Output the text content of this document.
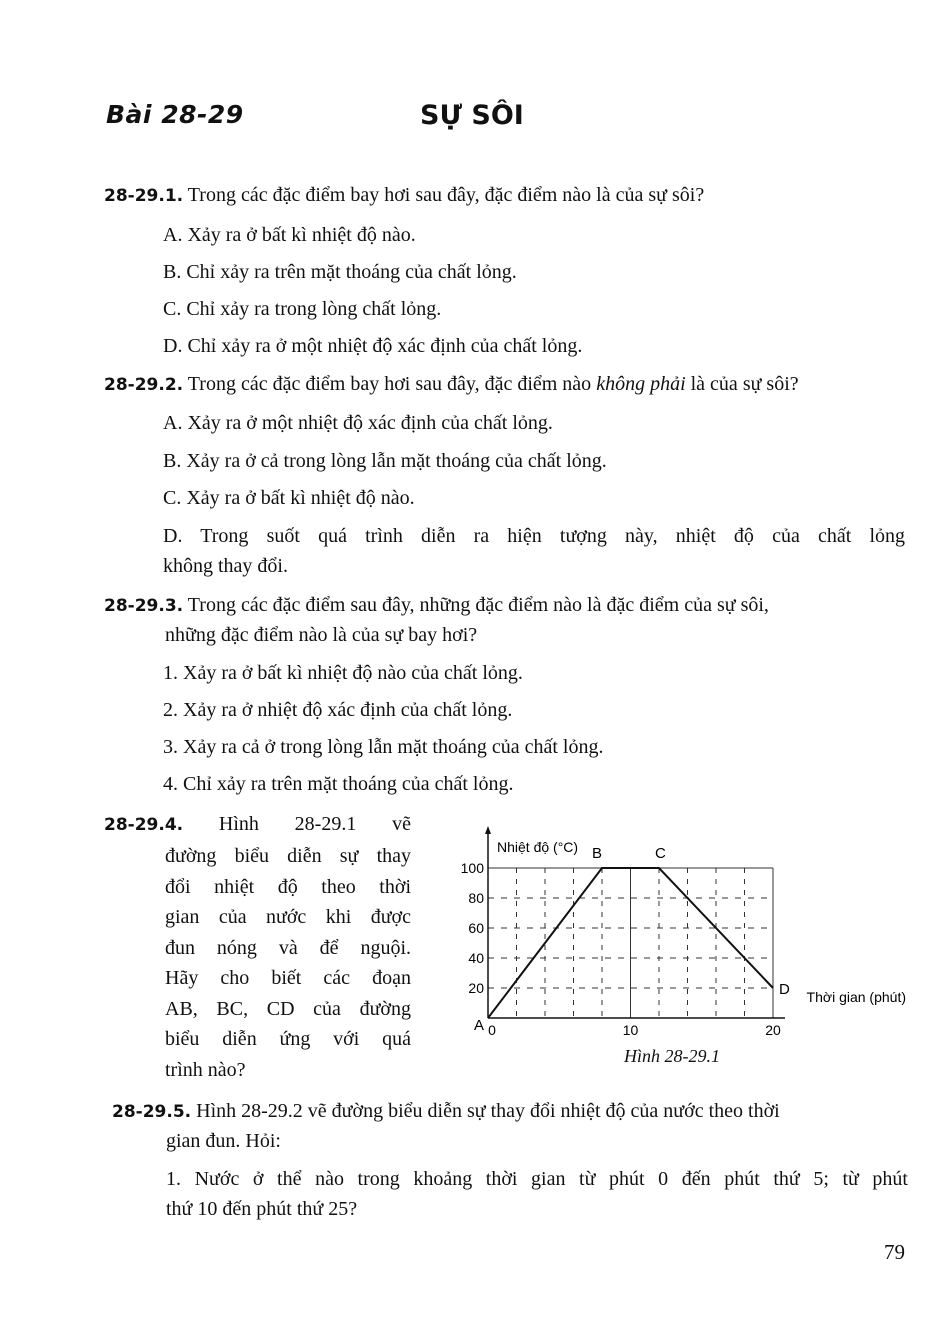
Bài 28-29	SỰ SÔI
28-29.1. Trong các đặc điểm bay hơi sau đây, đặc điểm nào là của sự sôi?
A. Xảy ra ở bất kì nhiệt độ nào.
B. Chỉ xảy ra trên mặt thoáng của chất lỏng.
C. Chỉ xảy ra trong lòng chất lỏng.
D. Chỉ xảy ra ở một nhiệt độ xác định của chất lỏng.
28-29.2. Trong các đặc điểm bay hơi sau đây, đặc điểm nào không phải là của sự sôi?
A. Xảy ra ở một nhiệt độ xác định của chất lỏng.
B. Xảy ra ở cả trong lòng lẫn mặt thoáng của chất lỏng.
C. Xảy ra ở bất kì nhiệt độ nào.
D. Trong suốt quá trình diễn ra hiện tượng này, nhiệt độ của chất lỏng
không thay đổi.
28-29.3. Trong các đặc điểm sau đây, những đặc điểm nào là đặc điểm của sự sôi,
những đặc điểm nào là của sự bay hơi?
1. Xảy ra ở bất kì nhiệt độ nào của chất lỏng.
2. Xảy ra ở nhiệt độ xác định của chất lỏng.
3. Xảy ra cả ở trong lòng lẫn mặt thoáng của chất lỏng.
4. Chỉ xảy ra trên mặt thoáng của chất lỏng.
28-29.4. Hình 28-29.1 vẽ
đường biểu diễn sự thay
đổi nhiệt độ theo thời
gian của nước khi được
đun nóng và để nguội.
Hãy cho biết các đoạn
AB, BC, CD của đường
biểu diễn ứng với quá
trình nào?
20
40
60
80
100
0	10	20
A
B	C
D
Nhiệt độ (°C)
Thời gian (phút)
Hình 28-29.1
28-29.5. Hình 28-29.2 vẽ đường biểu diễn sự thay đổi nhiệt độ của nước theo thời
gian đun. Hỏi:
1. Nước ở thể nào trong khoảng thời gian từ phút 0 đến phút thứ 5; từ phút
thứ 10 đến phút thứ 25?
79
